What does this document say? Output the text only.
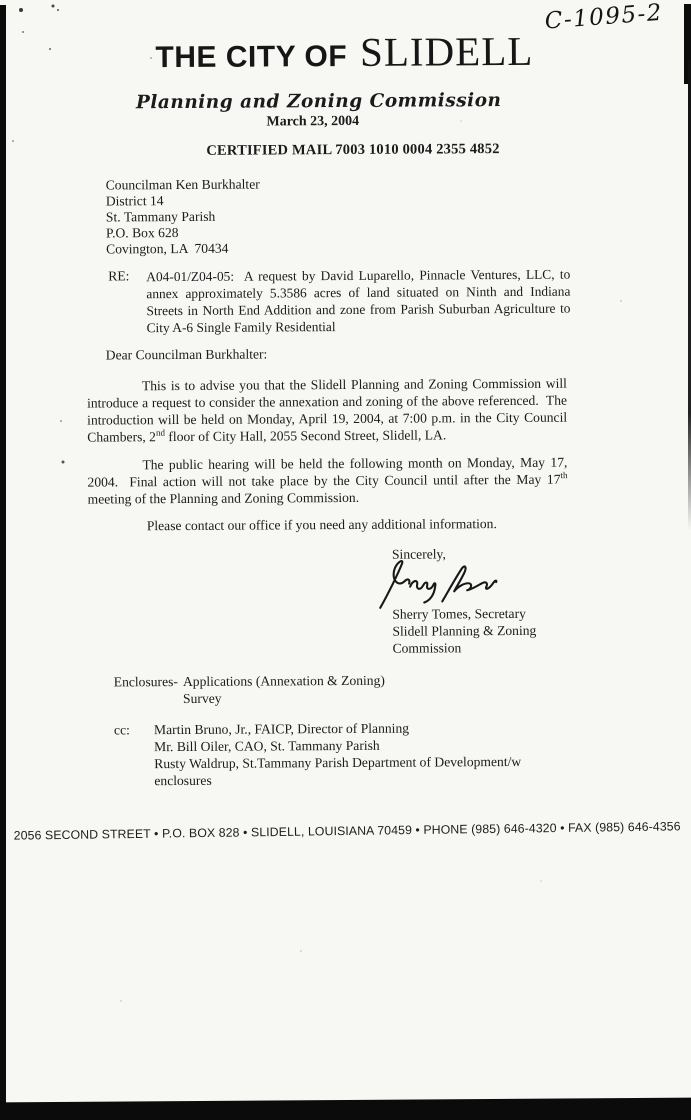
C-1095-2
THE CITY OF SLIDELL
Planning and Zoning Commission
March 23, 2004
CERTIFIED MAIL 7003 1010 0004 2355 4852
Councilman Ken Burkhalter
District 14
St. Tammany Parish
P.O. Box 628
Covington, LA  70434
RE: A04-01/Z04-05:  A request by David Luparello, Pinnacle Ventures, LLC, to annex approximately 5.3586 acres of land situated on Ninth and Indiana Streets in North End Addition and zone from Parish Suburban Agriculture to City A-6 Single Family Residential
Dear Councilman Burkhalter:

This is to advise you that the Slidell Planning and Zoning Commission will introduce a request to consider the annexation and zoning of the above referenced.  The introduction will be held on Monday, April 19, 2004, at 7:00 p.m. in the City Council Chambers, 2nd floor of City Hall, 2055 Second Street, Slidell, LA.

The public hearing will be held the following month on Monday, May 17, 2004.  Final action will not take place by the City Council until after the May 17th meeting of the Planning and Zoning Commission.

Please contact our office if you need any additional information.

Sincerely,
Sherry Tomes, Secretary
Slidell Planning & Zoning
Commission
Enclosures- Applications (Annexation & Zoning)
Survey
cc:	Martin Bruno, Jr., FAICP, Director of Planning
Mr. Bill Oiler, CAO, St. Tammany Parish
Rusty Waldrup, St.Tammany Parish Department of Development/w
enclosures
2056 SECOND STREET • P.O. BOX 828 • SLIDELL, LOUISIANA 70459 • PHONE (985) 646-4320 • FAX (985) 646-4356
